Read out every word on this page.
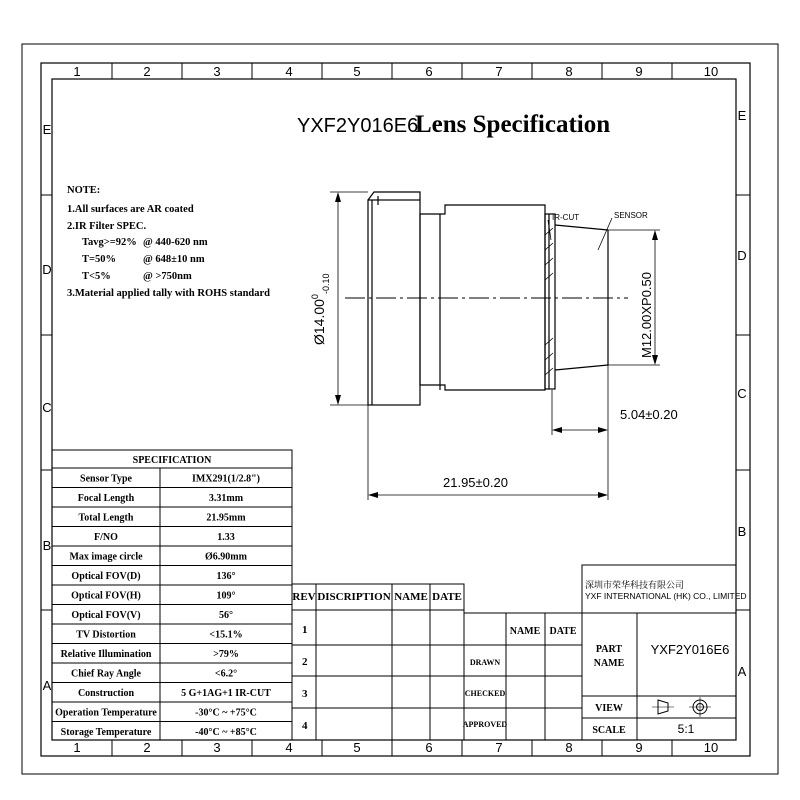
1	2	3	4	5	6	7	8	9	10
1	2	3	4	5	6	7	8	9	10
E
D
C
B
A
E
D
C
B
A
YXF2Y016E6
Lens Specification
NOTE:
1.All surfaces are AR coated
2.IR Filter SPEC.
Tavg>=92% @ 440-620 nm
T=50%	@ 648±10 nm
T<5%	@ >750nm
3.Material applied tally with ROHS standard
$Ø14.00^0_{-0.10}$	M12.00XP0.50
5.04±0.20
21.95±0.20
IR-CUT	SENSOR
SPECIFICATION
Sensor Type	IMX291(1/2.8")
Focal Length	3.31mm
Total Length	21.95mm
F/NO	1.33
Max image circle	Ø6.90mm
Optical FOV(D)	136°
Optical FOV(H)	109°
Optical FOV(V)	56°
TV Distortion	<15.1%
Relative Illumination	>79%
Chief Ray Angle	<6.2°
Construction	5 G+1AG+1 IR-CUT
Operation Temperature	-30°C ~ +75°C
Storage Temperature	-40°C ~ +85°C
REV DISCRIPTION NAME DATE
1
2
3
4
NAME DATE
DRAWN
CHECKED
APPROVED
深圳市荣华科技有限公司
YXF INTERNATIONAL (HK) CO., LIMITED
PART
NAME
YXF2Y016E6
VIEW
SCALE	5:1
